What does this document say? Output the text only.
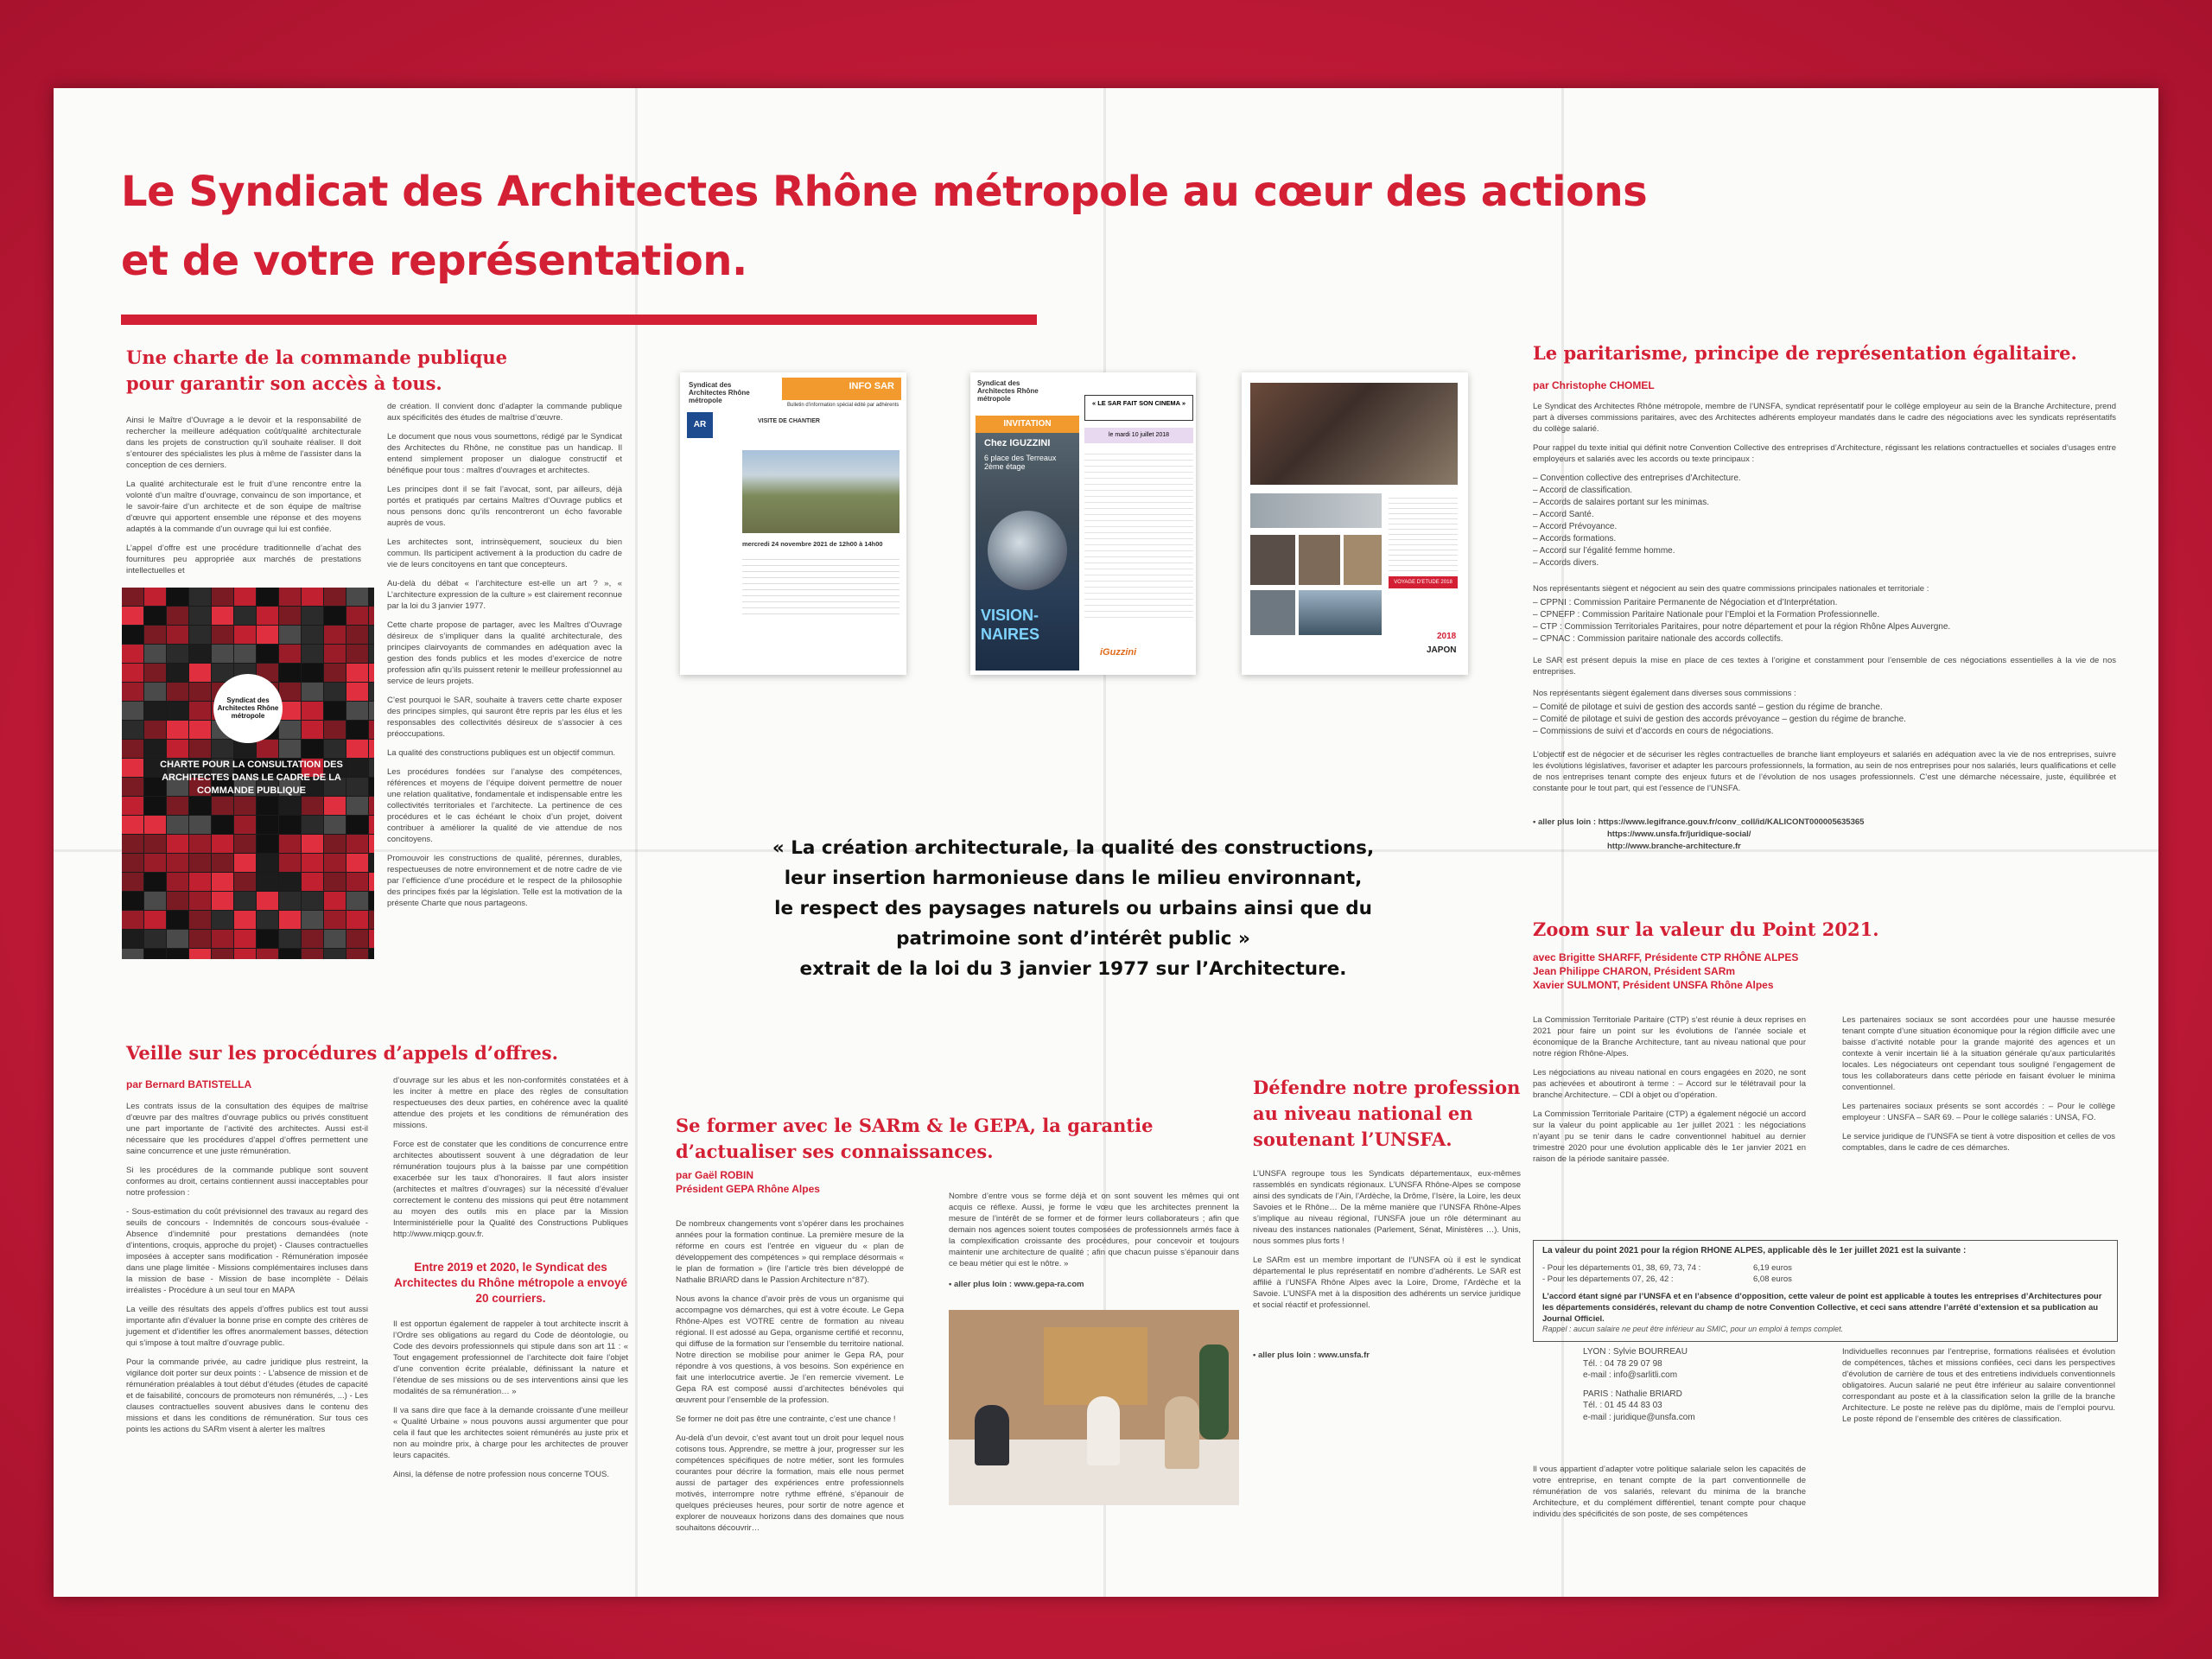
Le Syndicat des Architectes Rhône métropole au cœur des actions
et de votre représentation.
Une charte de la commande publique pour garantir son accès à tous.

Ainsi le Maître d’Ouvrage a le devoir et la responsabilité de rechercher la meilleure adéquation coût/qualité architecturale dans les projets de construction qu’il souhaite réaliser. Il doit s’entourer des spécialistes les plus à même de l’assister dans la conception de ces derniers.

La qualité architecturale est le fruit d’une rencontre entre la volonté d’un maître d’ouvrage, convaincu de son importance, et le savoir-faire d’un architecte et de son équipe de maîtrise d’œuvre qui apportent ensemble une réponse et des moyens adaptés à la commande d’un ouvrage qui lui est confiée.

L’appel d’offre est une procédure traditionnelle d’achat des fournitures peu appropriée aux marchés de prestations intellectuelles et

de création. Il convient donc d’adapter la commande publique aux spécificités des études de maîtrise d’œuvre.

Le document que nous vous soumettons, rédigé par le Syndicat des Architectes du Rhône, ne constitue pas un handicap. Il entend simplement proposer un dialogue constructif et bénéfique pour tous : maîtres d’ouvrages et architectes.

Les principes dont il se fait l’avocat, sont, par ailleurs, déjà portés et pratiqués par certains Maîtres d’Ouvrage publics et nous pensons donc qu’ils rencontreront un écho favorable auprès de vous.

Les architectes sont, intrinsèquement, soucieux du bien commun. Ils participent activement à la production du cadre de vie de leurs concitoyens en tant que concepteurs.

Au-delà du débat « l’architecture est-elle un art ? », « L’architecture expression de la culture » est clairement reconnue par la loi du 3 janvier 1977.

Cette charte propose de partager, avec les Maîtres d’Ouvrage désireux de s’impliquer dans la qualité architecturale, des principes clairvoyants de commandes en adéquation avec la gestion des fonds publics et les modes d’exercice de notre profession afin qu’ils puissent retenir le meilleur professionnel au service de leurs projets.

C’est pourquoi le SAR, souhaite à travers cette charte exposer des principes simples, qui sauront être repris par les élus et les responsables des collectivités désireux de s’associer à ces préoccupations.

La qualité des constructions publiques est un objectif commun.

Les procédures fondées sur l’analyse des compétences, références et moyens de l’équipe doivent permettre de nouer une relation qualitative, fondamentale et indispensable entre les collectivités territoriales et l’architecte. La pertinence de ces procédures et le cas échéant le choix d’un projet, doivent contribuer à améliorer la qualité de vie attendue de nos concitoyens.

Promouvoir les constructions de qualité, pérennes, durables, respectueuses de notre environnement et de notre cadre de vie par l’efficience d’une procédure et le respect de la philosophie des principes fixés par la législation. Telle est la motivation de la présente Charte que nous partageons.

Syndicat des Architectes Rhône métropole
CHARTE POUR LA CONSULTATION DES ARCHITECTES DANS LE CADRE DE LA COMMANDE PUBLIQUE
Syndicat des Architectes Rhône métropole
INFO SAR
Bulletin d’information spécial édité par adhérents
AR	VISITE DE CHANTIER
mercredi 24 novembre 2021 de 12h00 à 14h00
Syndicat des Architectes Rhône métropole
INVITATION
Chez IGUZZINI
6 place des Terreaux 2ème étage
VISION-NAIRES
« LE SAR FAIT SON CINEMA »
le mardi 10 juillet 2018
iGuzzini
VOYAGE D’ETUDE 2018
2018
JAPON
« La création architecturale, la qualité des constructions,
leur insertion harmonieuse dans le milieu environnant,
le respect des paysages naturels ou urbains ainsi que du
patrimoine sont d’intérêt public »
extrait de la loi du 3 janvier 1977 sur l’Architecture.
Le paritarisme, principe de représentation égalitaire.
par Christophe CHOMEL

Le Syndicat des Architectes Rhône métropole, membre de l’UNSFA, syndicat représentatif pour le collège employeur au sein de la Branche Architecture, prend part à diverses commissions paritaires, avec des Architectes adhérents employeur mandatés dans le cadre des négociations avec les syndicats représentatifs du collège salarié.

Pour rappel du texte initial qui définit notre Convention Collective des entreprises d’Architecture, régissant les relations contractuelles et sociales d’usages entre employeurs et salariés avec les accords ou texte principaux :

– Convention collective des entreprises d’Architecture.
– Accord de classification.
– Accords de salaires portant sur les minimas.
– Accord Santé.
– Accord Prévoyance.
– Accords formations.
– Accord sur l’égalité femme homme.
– Accords divers.
Nos représentants siègent et négocient au sein des quatre commissions principales nationales et territoriale :
– CPPNI : Commission Paritaire Permanente de Négociation et d’Interprétation.
– CPNEFP : Commission Paritaire Nationale pour l’Emploi et la Formation Professionnelle.
– CTP : Commission Territoriales Paritaires, pour notre département et pour la région Rhône Alpes Auvergne.
– CPNAC : Commission paritaire nationale des accords collectifs.
Le SAR est présent depuis la mise en place de ces textes à l’origine et constamment pour l’ensemble de ces négociations essentielles à la vie de nos entreprises.
Nos représentants siègent également dans diverses sous commissions :
– Comité de pilotage et suivi de gestion des accords santé – gestion du régime de branche.
– Comité de pilotage et suivi de gestion des accords prévoyance – gestion du régime de branche.
– Commissions de suivi et d’accords en cours de négociations.
L’objectif est de négocier et de sécuriser les règles contractuelles de branche liant employeurs et salariés en adéquation avec la vie de nos entreprises, suivre les évolutions législatives, favoriser et adapter les parcours professionnels, la formation, au sein de nos entreprises pour nos salariés, leurs qualifications et celle de nos entreprises tenant compte des enjeux futurs et de l’évolution de nos usages professionnels. C’est une démarche nécessaire, juste, équilibrée et constante pour le tout part, qui est l’essence de l’UNSFA.
• aller plus loin : https://www.legifrance.gouv.fr/conv_coll/id/KALICONT000005635365
https://www.unsfa.fr/juridique-social/
http://www.branche-architecture.fr
Zoom sur la valeur du Point 2021.
avec Brigitte SHARFF, Présidente CTP RHÔNE ALPES
Jean Philippe CHARON, Président SARm
Xavier SULMONT, Président UNSFA Rhône Alpes

La Commission Territoriale Paritaire (CTP) s’est réunie à deux reprises en 2021 pour faire un point sur les évolutions de l’année sociale et économique de la Branche Architecture, tant au niveau national que pour notre région Rhône-Alpes.

Les négociations au niveau national en cours engagées en 2020, ne sont pas achevées et aboutiront à terme : – Accord sur le télétravail pour la branche Architecture. – CDI à objet ou d’opération.

La Commission Territoriale Paritaire (CTP) a également négocié un accord sur la valeur du point applicable au 1er juillet 2021 : les négociations n’ayant pu se tenir dans le cadre conventionnel habituel au dernier trimestre 2020 pour une évolution applicable dès le 1er janvier 2021 en raison de la période sanitaire passée.

Les partenaires sociaux se sont accordées pour une hausse mesurée tenant compte d’une situation économique pour la région difficile avec une baisse d’activité notable pour la grande majorité des agences et un contexte à venir incertain lié à la situation générale qu’aux particularités locales. Les négociateurs ont cependant tous souligné l’engagement de tous les collaborateurs dans cette période en faisant évoluer le minima conventionnel.

Les partenaires sociaux présents se sont accordés : – Pour le collège employeur : UNSFA – SAR 69. – Pour le collège salariés : UNSA, FO.

Le service juridique de l’UNSFA se tient à votre disposition et celles de vos comptables, dans le cadre de ces démarches.

La valeur du point 2021 pour la région RHONE ALPES, applicable dès le 1er juillet 2021 est la suivante :
- Pour les départements 01, 38, 69, 73, 74 :	6,19 euros
- Pour les départements 07, 26, 42 :	6,08 euros
L’accord étant signé par l’UNSFA et en l’absence d’opposition, cette valeur de point est applicable à toutes les entreprises d’Architectures pour les départements considérés, relevant du champ de notre Convention Collective, et ceci sans attendre l’arrêté d’extension et sa publication au Journal Officiel.
Rappel : aucun salaire ne peut être inférieur au SMIC, pour un emploi à temps complet.
LYON : Sylvie BOURREAU
Tél. : 04 78 29 07 98
e-mail : info@sarlitli.com
PARIS : Nathalie BRIARD
Tél. : 01 45 44 83 03
e-mail : juridique@unsfa.com
Il vous appartient d’adapter votre politique salariale selon les capacités de votre entreprise, en tenant compte de la part conventionnelle de rémunération de vos salariés, relevant du minima de la branche Architecture, et du complément différentiel, tenant compte pour chaque individu des spécificités de son poste, de ses compétences
Individuelles reconnues par l’entreprise, formations réalisées et évolution de compétences, tâches et missions confiées, ceci dans les perspectives d’évolution de carrière de tous et des entretiens individuels conventionnels obligatoires. Aucun salarié ne peut être inférieur au salaire conventionnel correspondant au poste et à la classification selon la grille de la branche Architecture. Le poste ne relève pas du diplôme, mais de l’emploi pourvu. Le poste répond de l’ensemble des critères de classification.
Veille sur les procédures d’appels d’offres.
par Bernard BATISTELLA

Les contrats issus de la consultation des équipes de maîtrise d’œuvre par des maîtres d’ouvrage publics ou privés constituent une part importante de l’activité des architectes. Aussi est-il nécessaire que les procédures d’appel d’offres permettent une saine concurrence et une juste rémunération.

Si les procédures de la commande publique sont souvent conformes au droit, certains contiennent aussi inacceptables pour notre profession :

- Sous-estimation du coût prévisionnel des travaux au regard des seuils de concours - Indemnités de concours sous-évaluée - Absence d’indemnité pour prestations demandées (note d’intentions, croquis, approche du projet) - Clauses contractuelles imposées à accepter sans modification - Rémunération imposée dans une plage limitée - Missions complémentaires incluses dans la mission de base - Mission de base incomplète - Délais irréalistes - Procédure à un seul tour en MAPA

La veille des résultats des appels d’offres publics est tout aussi importante afin d’évaluer la bonne prise en compte des critères de jugement et d’identifier les offres anormalement basses, détection qui s’impose à tout maître d’ouvrage public.

Pour la commande privée, au cadre juridique plus restreint, la vigilance doit porter sur deux points : - L’absence de mission et de rémunération préalables à tout début d’études (études de capacité et de faisabilité, concours de promoteurs non rémunérés, ...) - Les clauses contractuelles souvent abusives dans le contenu des missions et dans les conditions de rémunération. Sur tous ces points les actions du SARm visent à alerter les maîtres

d’ouvrage sur les abus et les non-conformités constatées et à les inciter à mettre en place des règles de consultation respectueuses des deux parties, en cohérence avec la qualité attendue des projets et les conditions de rémunération des missions.

Force est de constater que les conditions de concurrence entre architectes aboutissent souvent à une dégradation de leur rémunération toujours plus à la baisse par une compétition exacerbée sur les taux d’honoraires. Il faut alors insister (architectes et maîtres d’ouvrages) sur la nécessité d’évaluer correctement le contenu des missions qui peut être notamment au moyen des outils mis en place par la Mission Interministérielle pour la Qualité des Constructions Publiques http://www.miqcp.gouv.fr.

Entre 2019 et 2020, le Syndicat des Architectes du Rhône métropole a envoyé 20 courriers.

Il est opportun également de rappeler à tout architecte inscrit à l’Ordre ses obligations au regard du Code de déontologie, ou Code des devoirs professionnels qui stipule dans son art 11 : « Tout engagement professionnel de l’architecte doit faire l’objet d’une convention écrite préalable, définissant la nature et l’étendue de ses missions ou de ses interventions ainsi que les modalités de sa rémunération… »

Il va sans dire que face à la demande croissante d’une meilleur « Qualité Urbaine » nous pouvons aussi argumenter que pour cela il faut que les architectes soient rémunérés au juste prix et non au moindre prix, à charge pour les architectes de prouver leurs capacités.

Ainsi, la défense de notre profession nous concerne TOUS.

Se former avec le SARm & le GEPA, la garantie d’actualiser ses connaissances.
par Gaël ROBIN
Président GEPA Rhône Alpes

De nombreux changements vont s’opérer dans les prochaines années pour la formation continue. La première mesure de la réforme en cours est l’entrée en vigueur du « plan de développement des compétences » qui remplace désormais « le plan de formation » (lire l’article très bien développé de Nathalie BRIARD dans le Passion Architecture n°87).

Nous avons la chance d’avoir près de vous un organisme qui accompagne vos démarches, qui est à votre écoute. Le Gepa Rhône-Alpes est VOTRE centre de formation au niveau régional. Il est adossé au Gepa, organisme certifié et reconnu, qui diffuse de la formation sur l’ensemble du territoire national. Notre direction se mobilise pour animer le Gepa RA, pour répondre à vos questions, à vos besoins. Son expérience en fait une interlocutrice avertie. Je l’en remercie vivement. Le Gepa RA est composé aussi d’architectes bénévoles qui œuvrent pour l’ensemble de la profession.

Se former ne doit pas être une contrainte, c’est une chance !

Au-delà d’un devoir, c’est avant tout un droit pour lequel nous cotisons tous. Apprendre, se mettre à jour, progresser sur les compétences spécifiques de notre métier, sont les formules courantes pour décrire la formation, mais elle nous permet aussi de partager des expériences entre professionnels motivés, interrompre notre rythme effréné, s’épanouir de quelques précieuses heures, pour sortir de notre agence et explorer de nouveaux horizons dans des domaines que nous souhaitons découvrir…

Nombre d’entre vous se forme déjà et on sont souvent les mêmes qui ont acquis ce réflexe. Aussi, je forme le vœu que les architectes prennent la mesure de l’intérêt de se former et de former leurs collaborateurs ; afin que demain nos agences soient toutes composées de professionnels armés face à la complexification croissante des procédures, pour concevoir et toujours maintenir une architecture de qualité ; afin que chacun puisse s’épanouir dans ce beau métier qui est le nôtre. »
• aller plus loin : www.gepa-ra.com
Défendre notre profession au niveau national en soutenant l’UNSFA.

L’UNSFA regroupe tous les Syndicats départementaux, eux-mêmes rassemblés en syndicats régionaux. L’UNSFA Rhône-Alpes se compose ainsi des syndicats de l’Ain, l’Ardèche, la Drôme, l’Isère, la Loire, les deux Savoies et le Rhône… De la même manière que l’UNSFA Rhône-Alpes s’implique au niveau régional, l’UNSFA joue un rôle déterminant au niveau des instances nationales (Parlement, Sénat, Ministères …). Unis, nous sommes plus forts !

Le SARm est un membre important de l’UNSFA où il est le syndicat départemental le plus représentatif en nombre d’adhérents. Le SAR est affilié à l’UNSFA Rhône Alpes avec la Loire, Drome, l’Ardèche et la Savoie. L’UNSFA met à la disposition des adhérents un service juridique et social réactif et professionnel.

• aller plus loin : www.unsfa.fr
